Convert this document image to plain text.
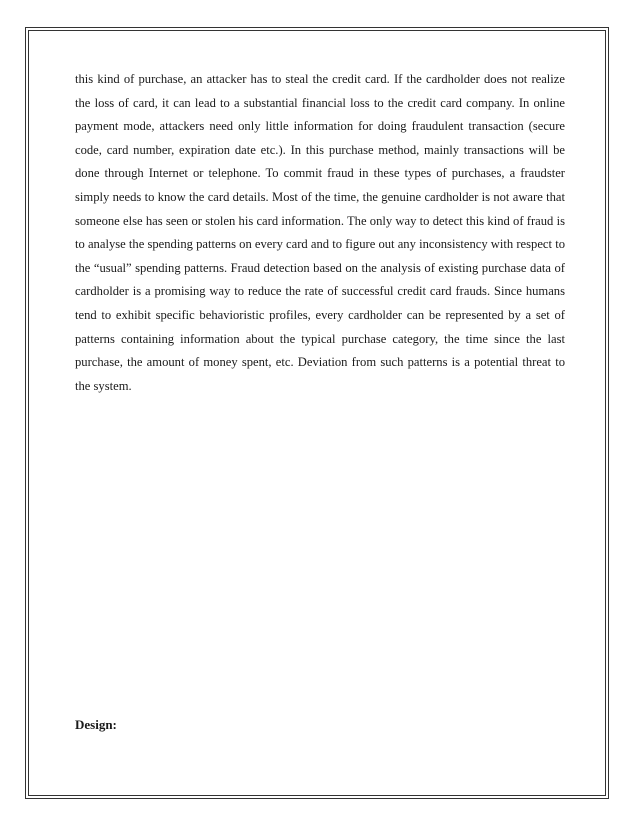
this kind of purchase, an attacker has to steal the credit card. If the cardholder does not realize
the loss of card, it can lead to a substantial financial loss to the credit card company. In online
payment mode, attackers need only little information for doing fraudulent transaction (secure
code, card number, expiration date etc.). In this purchase method, mainly transactions will be
done through Internet or telephone. To commit fraud in these types of purchases, a fraudster
simply needs to know the card details. Most of the time, the genuine cardholder is not aware that
someone else has seen or stolen his card information. The only way to detect this kind of fraud is
to analyse the spending patterns on every card and to figure out any inconsistency with respect to
the “usual” spending patterns. Fraud detection based on the analysis of existing purchase data of
cardholder is a promising way to reduce the rate of successful credit card frauds. Since humans
tend to exhibit specific behavioristic profiles, every cardholder can be represented by a set of
patterns containing information about the typical purchase category, the time since the last
purchase, the amount of money spent, etc. Deviation from such patterns is a potential threat to
the system.

Design:
